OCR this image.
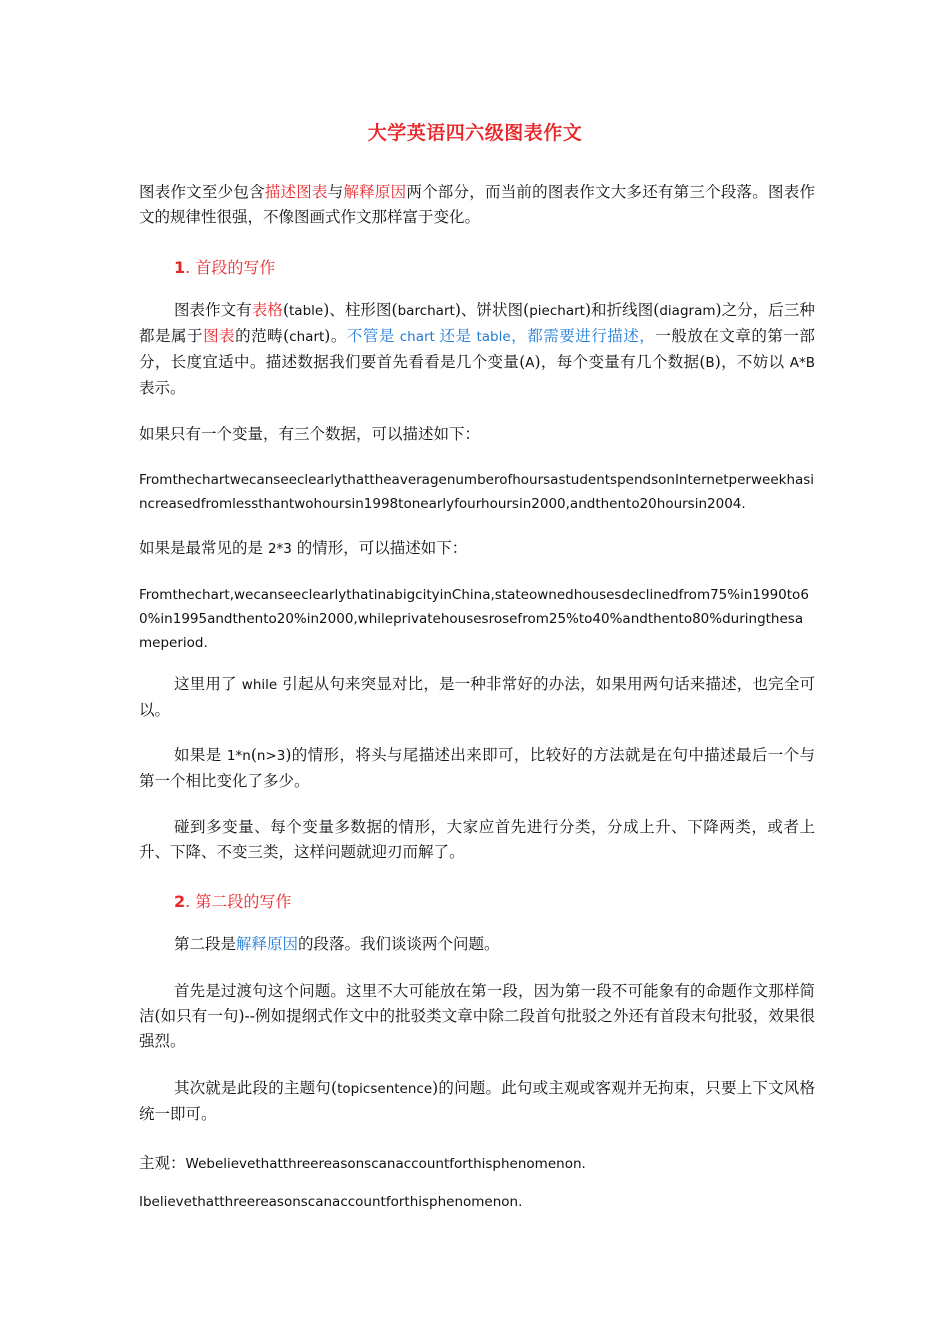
大学英语四六级图表作文
图表作文至少包含描述图表与解释原因两个部分，而当前的图表作文大多还有第三个段落。图表作文的规律性很强，不像图画式作文那样富于变化。
1. 首段的写作
图表作文有表格(table)、柱形图(barchart)、饼状图(piechart)和折线图(diagram)之分，后三种都是属于图表的范畴(chart)。不管是 chart 还是 table，都需要进行描述，一般放在文章的第一部分，长度宜适中。描述数据我们要首先看看是几个变量(A)，每个变量有几个数据(B)，不妨以 A*B 表示。
如果只有一个变量，有三个数据，可以描述如下：
FromthechartwecanseeclearlythattheaveragenumberofhoursastudentspendsonInternetperweekhasincreasedfromlessthantwohoursin1998tonearlyfourhoursin2000,andthento20hoursin2004.
如果是最常见的是 2*3 的情形，可以描述如下：
Fromthechart,wecanseeclearlythatinabigcityinChina,stateownedhousesdeclinedfrom75%in1990to60%in1995andthento20%in2000,whileprivatehousesrosefrom25%to40%andthento80%duringthesameperiod.
这里用了 while 引起从句来突显对比，是一种非常好的办法，如果用两句话来描述，也完全可以。
如果是 1*n(n>3)的情形，将头与尾描述出来即可，比较好的方法就是在句中描述最后一个与第一个相比变化了多少。
碰到多变量、每个变量多数据的情形，大家应首先进行分类，分成上升、下降两类，或者上升、下降、不变三类，这样问题就迎刃而解了。
2. 第二段的写作
第二段是解释原因的段落。我们谈谈两个问题。
首先是过渡句这个问题。这里不大可能放在第一段，因为第一段不可能象有的命题作文那样简洁(如只有一句)--例如提纲式作文中的批驳类文章中除二段首句批驳之外还有首段末句批驳，效果很强烈。
其次就是此段的主题句(topicsentence)的问题。此句或主观或客观并无拘束，只要上下文风格统一即可。
主观：Webelievethatthreereasonscanaccountforthisphenomenon.
Ibelievethatthreereasonscanaccountforthisphenomenon.
